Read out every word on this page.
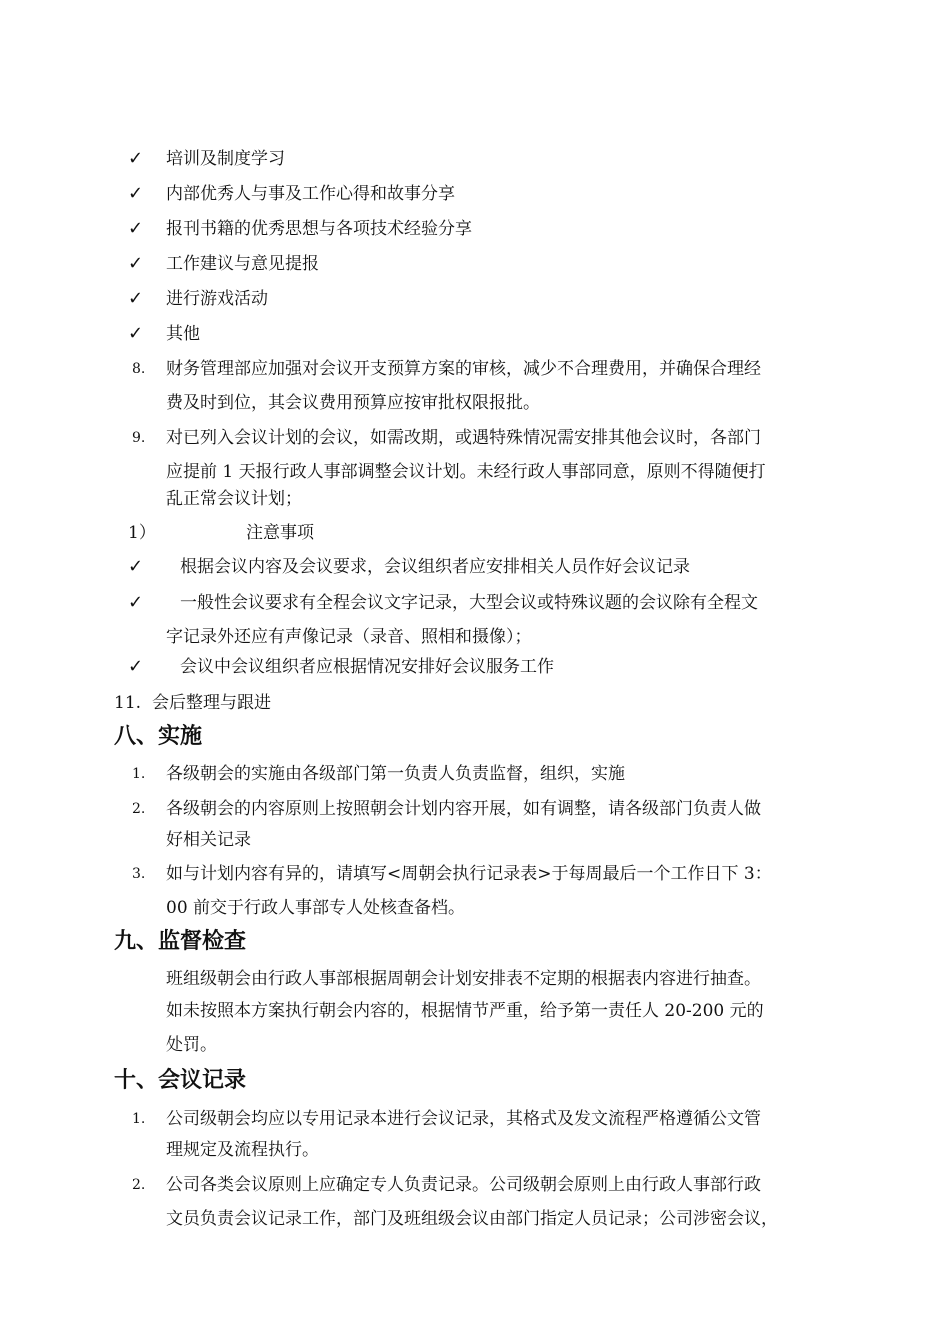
✓ 培训及制度学习
✓ 内部优秀人与事及工作心得和故事分享
✓ 报刊书籍的优秀思想与各项技术经验分享
✓ 工作建议与意见提报
✓ 进行游戏活动
✓ 其他
8. 财务管理部应加强对会议开支预算方案的审核，减少不合理费用，并确保合理经
费及时到位，其会议费用预算应按审批权限报批。
9. 对已列入会议计划的会议，如需改期，或遇特殊情况需安排其他会议时，各部门
应提前 1 天报行政人事部调整会议计划。未经行政人事部同意，原则不得随便打
乱正常会议计划；
1）	注意事项
✓ 根据会议内容及会议要求，会议组织者应安排相关人员作好会议记录
✓ 一般性会议要求有全程会议文字记录，大型会议或特殊议题的会议除有全程文
字记录外还应有声像记录（录音、照相和摄像）；
✓ 会议中会议组织者应根据情况安排好会议服务工作
11. 会后整理与跟进
八、实施
1. 各级朝会的实施由各级部门第一负责人负责监督，组织，实施
2. 各级朝会的内容原则上按照朝会计划内容开展，如有调整，请各级部门负责人做
好相关记录
3. 如与计划内容有异的，请填写<周朝会执行记录表>于每周最后一个工作日下 3：
00 前交于行政人事部专人处核查备档。
九、监督检查
班组级朝会由行政人事部根据周朝会计划安排表不定期的根据表内容进行抽查。
如未按照本方案执行朝会内容的，根据情节严重，给予第一责任人 20-200 元的
处罚。
十、会议记录
1. 公司级朝会均应以专用记录本进行会议记录，其格式及发文流程严格遵循公文管
理规定及流程执行。
2. 公司各类会议原则上应确定专人负责记录。公司级朝会原则上由行政人事部行政
文员负责会议记录工作，部门及班组级会议由部门指定人员记录；公司涉密会议，
